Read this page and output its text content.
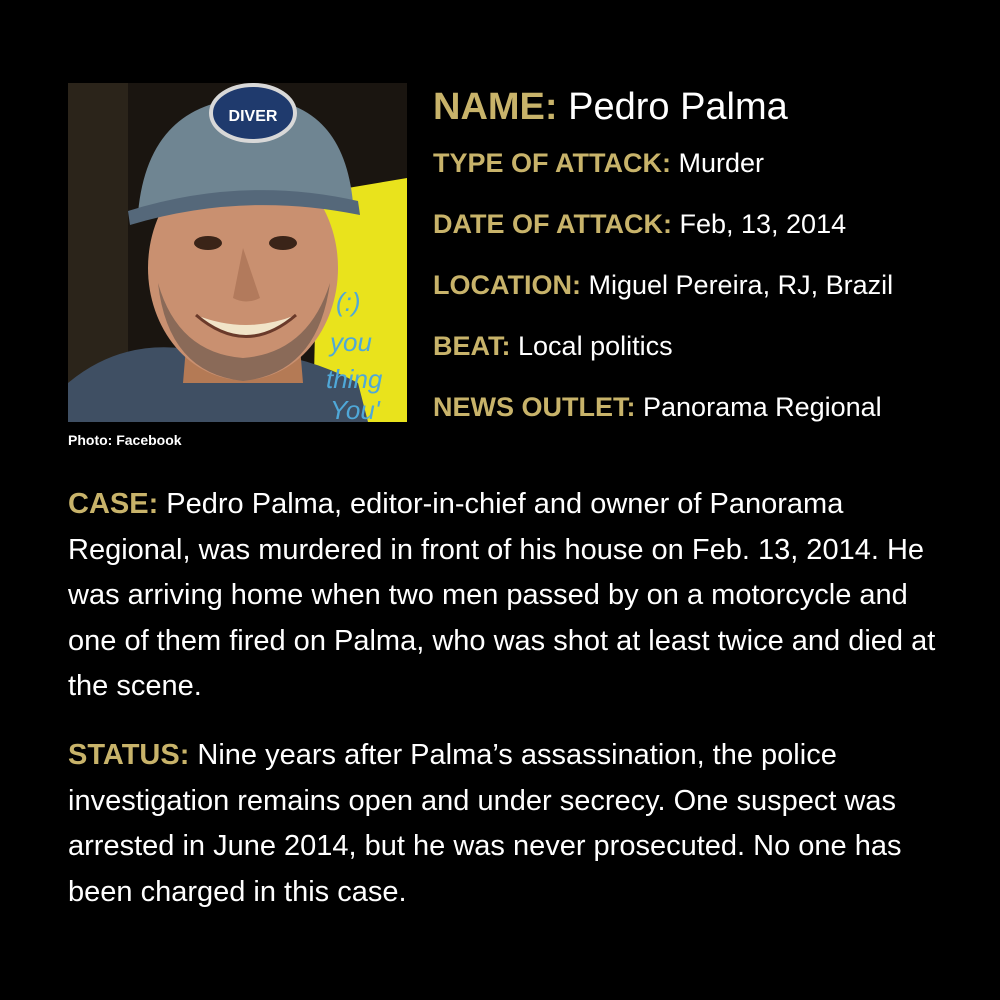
DIVER
(:)
you
thing
You'
Photo: Facebook
NAME: Pedro Palma
TYPE OF ATTACK: Murder
DATE OF ATTACK: Feb, 13, 2014
LOCATION: Miguel Pereira, RJ, Brazil
BEAT: Local politics
NEWS OUTLET: Panorama Regional
CASE: Pedro Palma, editor-in-chief and owner of Panorama Regional, was murdered in front of his house on Feb. 13, 2014. He was arriving home when two men passed by on a motorcycle and one of them fired on Palma, who was shot at least twice and died at the scene.
STATUS: Nine years after Palma’s assassination, the police investigation remains open and under secrecy. One suspect was arrested in June 2014, but he was never prosecuted. No one has been charged in this case.
